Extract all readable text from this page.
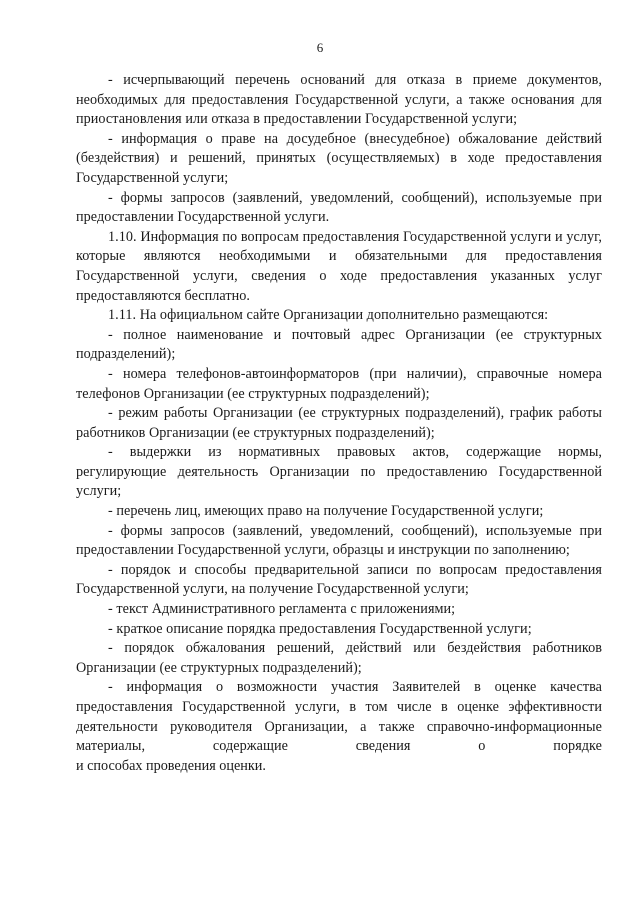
6

- исчерпывающий перечень оснований для отказа в приеме документов, необходимых для предоставления Государственной услуги, а также основания для приостановления или отказа в предоставлении Государственной услуги;

- информация о праве на досудебное (внесудебное) обжалование действий (бездействия) и решений, принятых (осуществляемых) в ходе предоставления Государственной услуги;

- формы запросов (заявлений, уведомлений, сообщений), используемые при предоставлении Государственной услуги.

1.10. Информация по вопросам предоставления Государственной услуги и услуг, которые являются необходимыми и обязательными для предоставления Государственной услуги, сведения о ходе предоставления указанных услуг предоставляются бесплатно.

1.11. На официальном сайте Организации дополнительно размещаются:

- полное наименование и почтовый адрес Организации (ее структурных подразделений);

- номера телефонов-автоинформаторов (при наличии), справочные номера телефонов Организации (ее структурных подразделений);

- режим работы Организации (ее структурных подразделений), график работы работников Организации (ее структурных подразделений);

- выдержки из нормативных правовых актов, содержащие нормы, регулирующие деятельность Организации по предоставлению Государственной услуги;

- перечень лиц, имеющих право на получение Государственной услуги;

- формы запросов (заявлений, уведомлений, сообщений), используемые при предоставлении Государственной услуги, образцы и инструкции по заполнению;

- порядок и способы предварительной записи по вопросам предоставления Государственной услуги, на получение Государственной услуги;

- текст Административного регламента с приложениями;

- краткое описание порядка предоставления Государственной услуги;

- порядок обжалования решений, действий или бездействия работников Организации (ее структурных подразделений);

- информация о возможности участия Заявителей в оценке качества предоставления Государственной услуги, в том числе в оценке эффективности деятельности руководителя Организации, а также справочно-информационные материалы, содержащие сведения о порядке

и способах проведения оценки.
